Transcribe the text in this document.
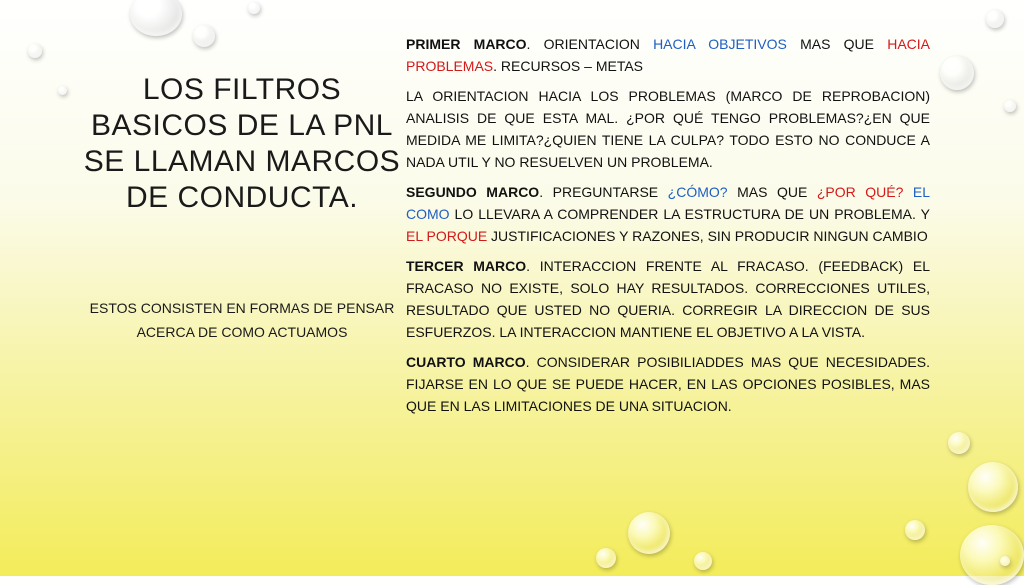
LOS FILTROS BASICOS DE LA PNL SE LLAMAN MARCOS DE CONDUCTA.

ESTOS CONSISTEN EN FORMAS DE PENSAR ACERCA DE COMO ACTUAMOS

PRIMER MARCO. ORIENTACION HACIA OBJETIVOS MAS QUE HACIA PROBLEMAS. RECURSOS – METAS

LA ORIENTACION HACIA LOS PROBLEMAS (MARCO DE REPROBACION) ANALISIS DE QUE ESTA MAL. ¿POR QUÉ TENGO PROBLEMAS?¿EN QUE MEDIDA ME LIMITA?¿QUIEN TIENE LA CULPA? TODO ESTO NO CONDUCE A NADA UTIL Y NO RESUELVEN UN PROBLEMA.

SEGUNDO MARCO. PREGUNTARSE ¿CÓMO? MAS QUE ¿POR QUÉ? EL COMO LO LLEVARA A COMPRENDER LA ESTRUCTURA DE UN PROBLEMA. Y EL PORQUE JUSTIFICACIONES Y RAZONES, SIN PRODUCIR NINGUN CAMBIO

TERCER MARCO. INTERACCION FRENTE AL FRACASO. (FEEDBACK) EL FRACASO NO EXISTE, SOLO HAY RESULTADOS. CORRECCIONES UTILES, RESULTADO QUE USTED NO QUERIA. CORREGIR LA DIRECCION DE SUS ESFUERZOS. LA INTERACCION MANTIENE EL OBJETIVO A LA VISTA.

CUARTO MARCO. CONSIDERAR POSIBILIADDES MAS QUE NECESIDADES. FIJARSE EN LO QUE SE PUEDE HACER, EN LAS OPCIONES POSIBLES, MAS QUE EN LAS LIMITACIONES DE UNA SITUACION.
